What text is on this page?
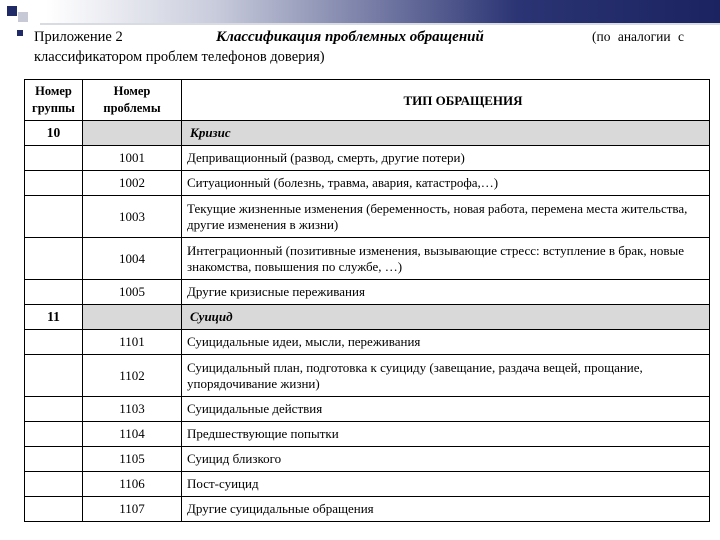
Приложение 2	Классификация проблемных обращений	(по аналогии с
классификатором проблем телефонов доверия)
Номер группы	Номер проблемы	ТИП ОБРАЩЕНИЯ
10		Кризис
	1001	Деприващионный (развод, смерть, другие потери)
	1002	Ситуационный (болезнь, травма, авария, катастрофа,…)
	1003	Текущие жизненные изменения (беременность, новая работа, перемена места жительства, другие изменения в жизни)
	1004	Интеграционный (позитивные изменения, вызывающие стресс: вступление в брак, новые знакомства, повышения по службе, …)
	1005	Другие кризисные переживания
11		Суицид
	1101	Суицидальные идеи, мысли, переживания
	1102	Суицидальный план, подготовка к суициду (завещание, раздача вещей, прощание, упорядочивание жизни)
	1103	Суицидальные действия
	1104	Предшествующие попытки
	1105	Суицид близкого
	1106	Пост-суицид
	1107	Другие суицидальные обращения
